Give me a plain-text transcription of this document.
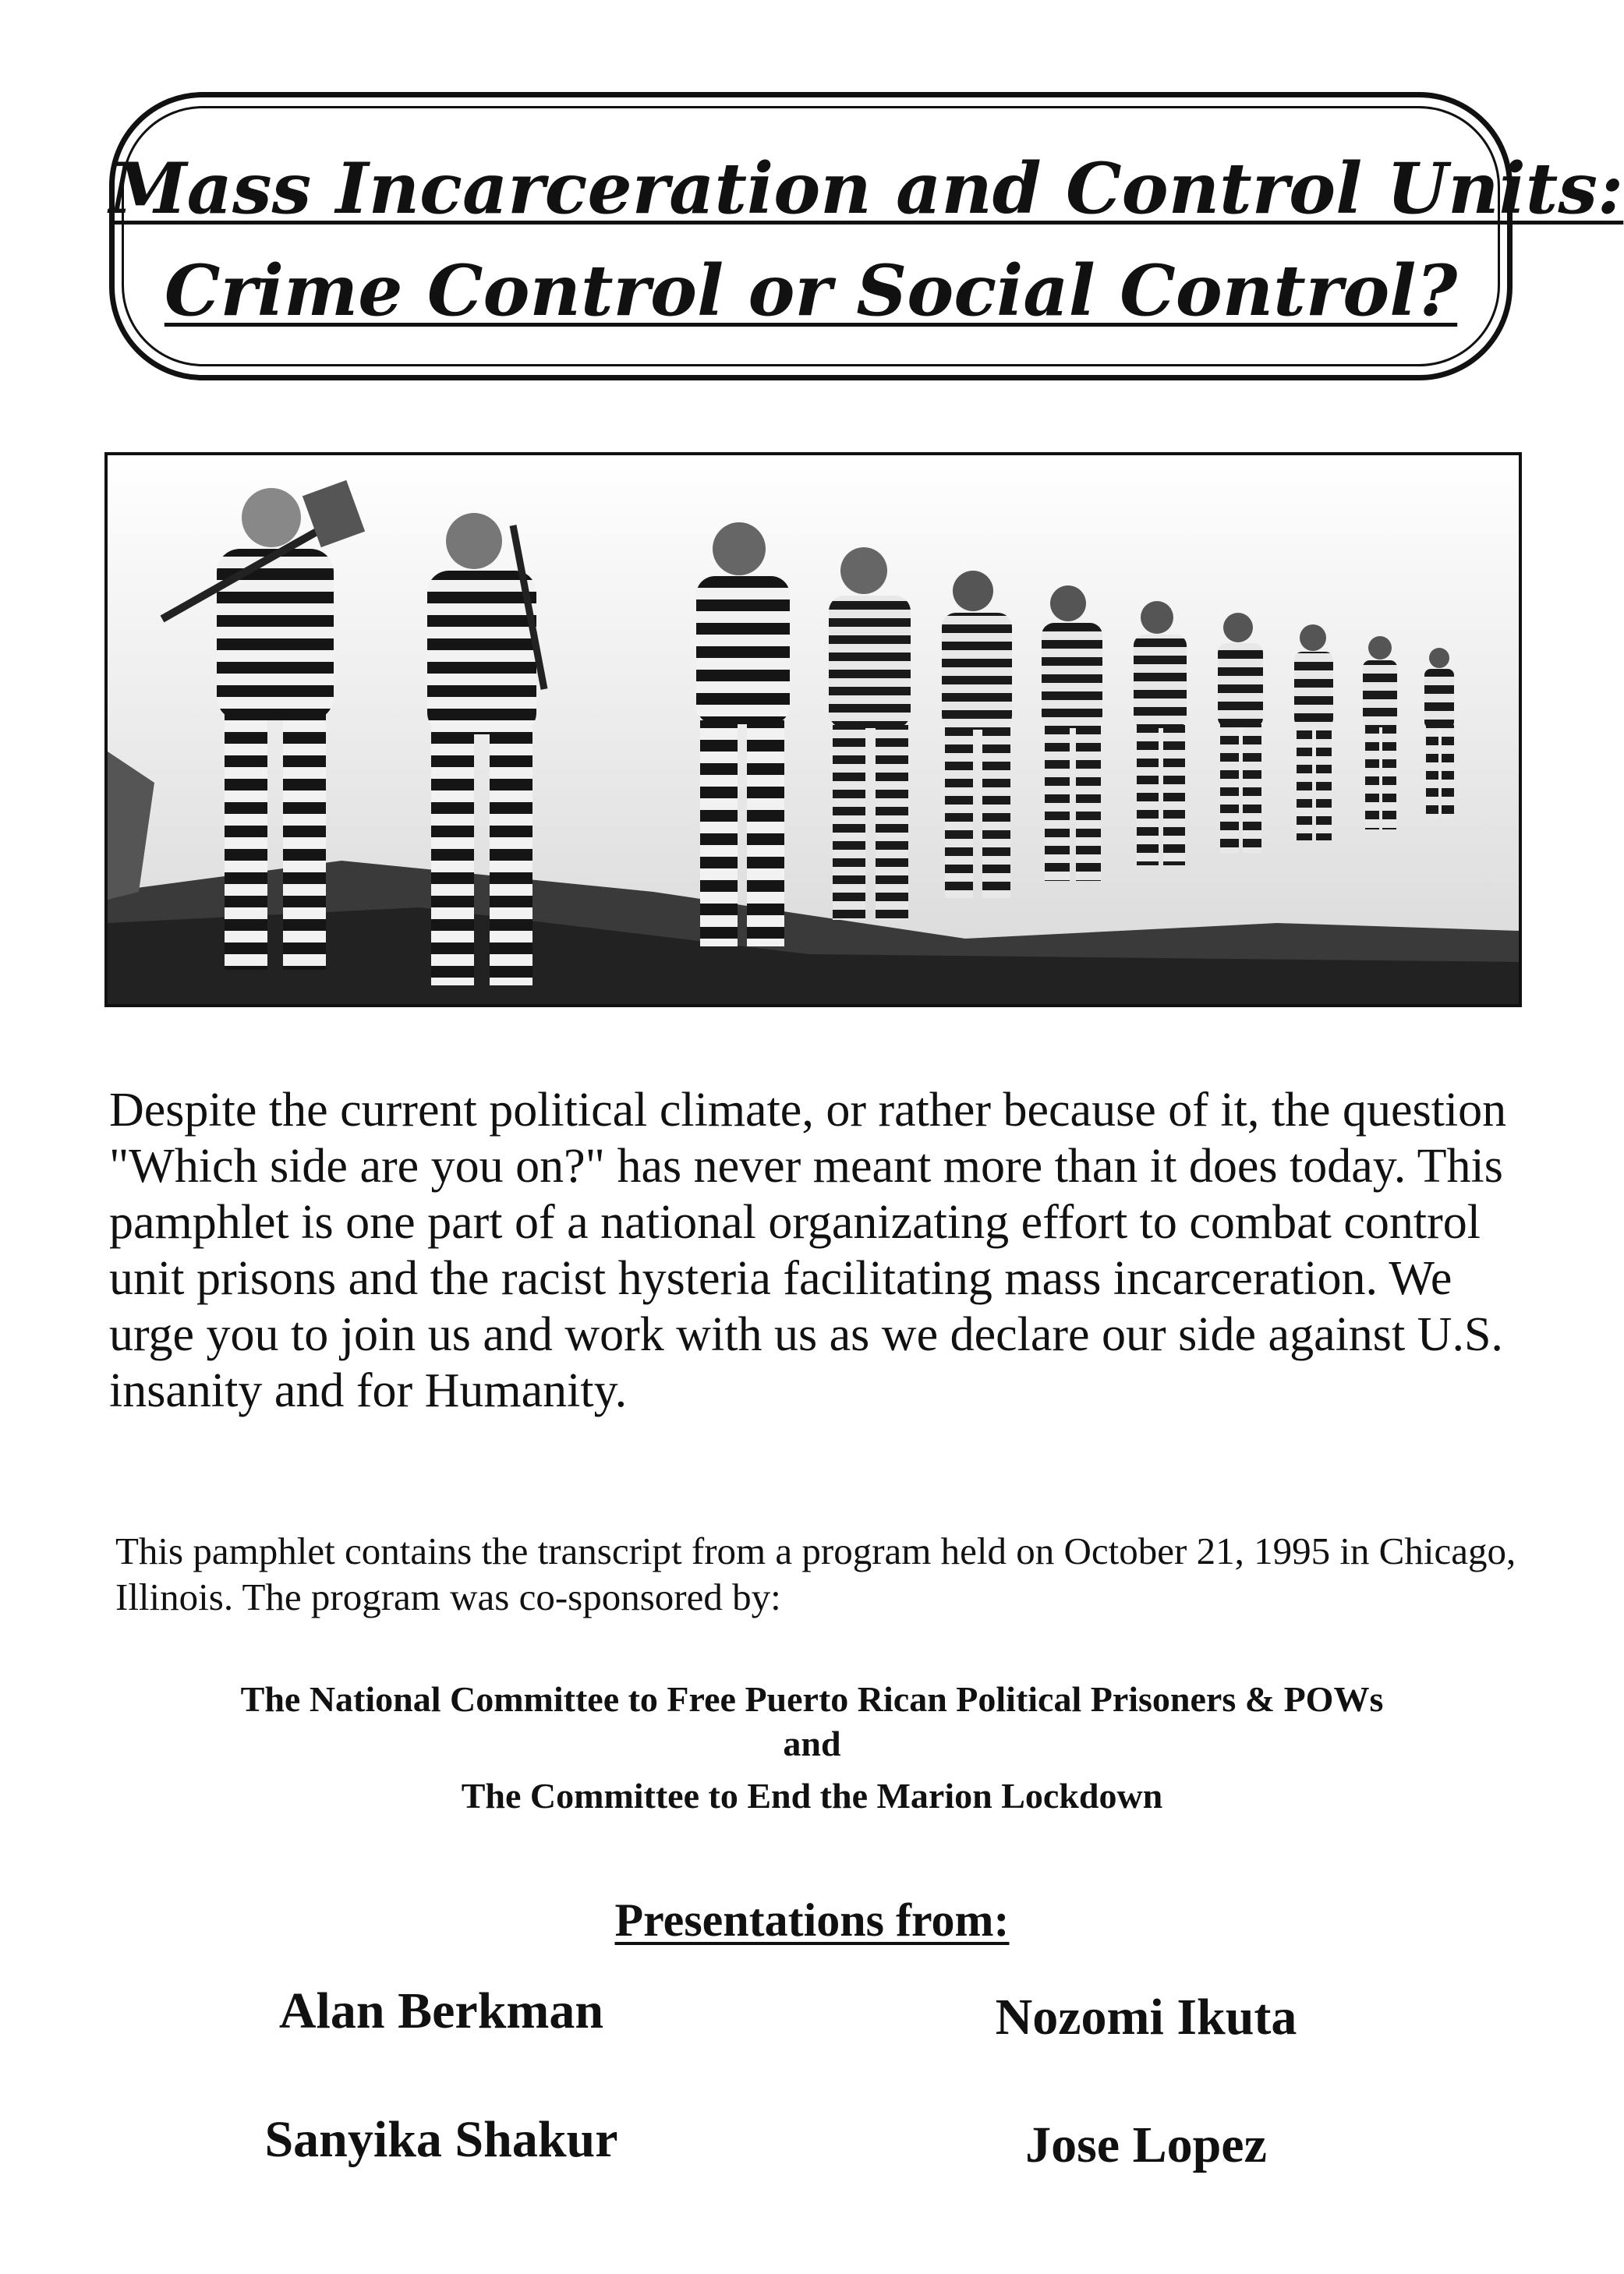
Mass Incarceration and Control Units:
Crime Control or Social Control?

Despite the current political climate, or rather because of it, the question "Which side are you on?" has never meant more than it does today. This pamphlet is one part of a national organizating effort to combat control unit prisons and the racist hysteria facilitating mass incarceration. We urge you to join us and work with us as we declare our side against U.S. insanity and for Humanity.

This pamphlet contains the transcript from a program held on October 21, 1995 in Chicago, Illinois. The program was co-sponsored by:

The National Committee to Free Puerto Rican Political Prisoners & POWs

and

The Committee to End the Marion Lockdown

Presentations from:

Alan Berkman	Nozomi Ikuta

Sanyika Shakur	Jose Lopez
